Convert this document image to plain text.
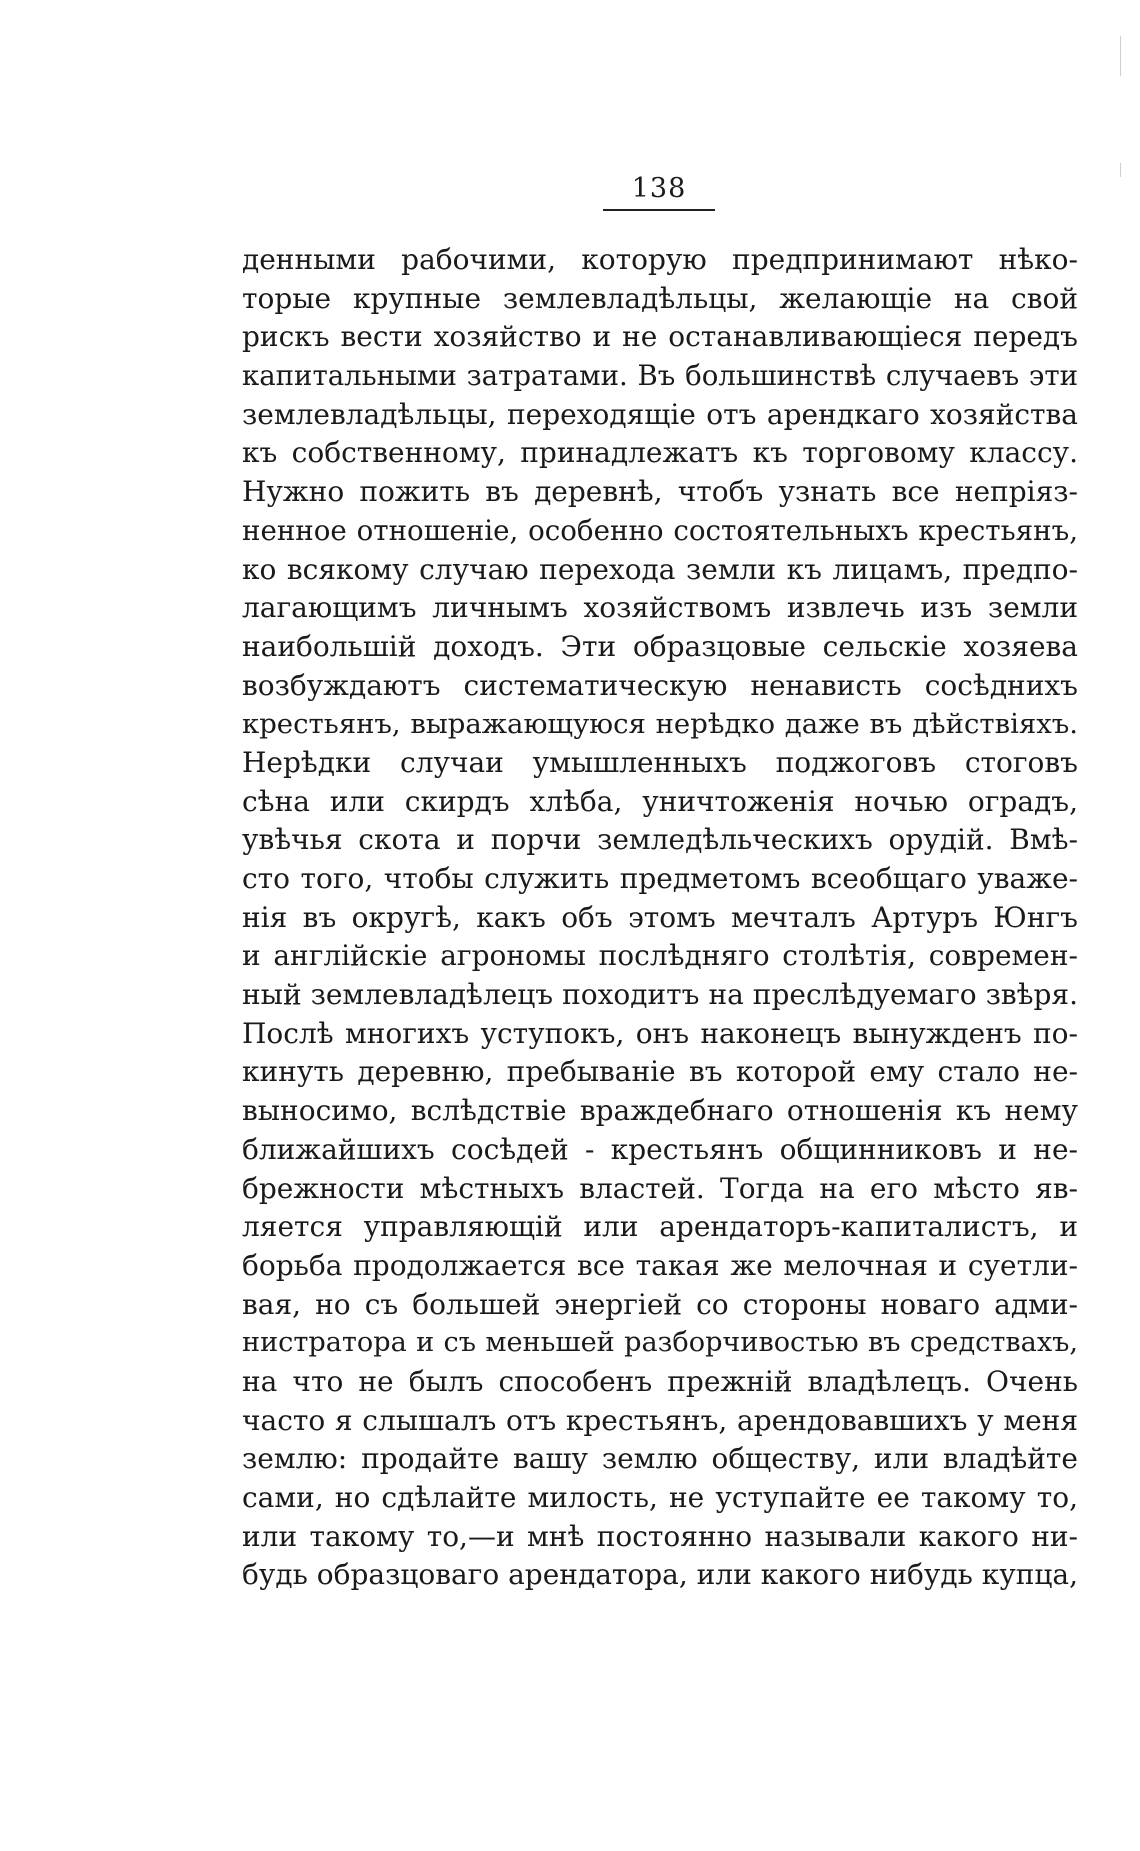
138
денными рабочими, которую предпринимают нѣко-
торые крупные землевладѣльцы, желающіе на свой
рискъ вести хозяйство и не останавливающіеся передъ
капитальными затратами. Въ большинствѣ случаевъ эти
землевладѣльцы, переходящіе отъ арендкаго хозяйства
къ собственному, принадлежатъ къ торговому классу.
Нужно пожить въ деревнѣ, чтобъ узнать все непріяз-
ненное отношеніе, особенно состоятельныхъ крестьянъ,
ко всякому случаю перехода земли къ лицамъ, предпо-
лагающимъ личнымъ хозяйствомъ извлечь изъ земли
наибольшій доходъ. Эти образцовые сельскіе хозяева
возбуждаютъ систематическую ненависть сосѣднихъ
крестьянъ, выражающуюся нерѣдко даже въ дѣйствіяхъ.
Нерѣдки случаи умышленныхъ поджоговъ стоговъ
сѣна или скирдъ хлѣба, уничтоженія ночью оградъ,
увѣчья скота и порчи земледѣльческихъ орудій. Вмѣ-
сто того, чтобы служить предметомъ всеобщаго уваже-
нія въ округѣ, какъ объ этомъ мечталъ Артуръ Юнгъ
и англійскіе агрономы послѣдняго столѣтія, современ-
ный землевладѣлецъ походитъ на преслѣдуемаго звѣря.
Послѣ многихъ уступокъ, онъ наконецъ вынужденъ по-
кинуть деревню, пребываніе въ которой ему стало не-
выносимо, вслѣдствіе враждебнаго отношенія къ нему
ближайшихъ сосѣдей - крестьянъ общинниковъ и не-
брежности мѣстныхъ властей. Тогда на его мѣсто яв-
ляется управляющій или арендаторъ-капиталистъ, и
борьба продолжается все такая же мелочная и суетли-
вая, но съ большей энергіей со стороны новаго адми-
нистратора и съ меньшей разборчивостью въ средствахъ,
на что не былъ способенъ прежній владѣлецъ. Очень
часто я слышалъ отъ крестьянъ, арендовавшихъ у меня
землю: продайте вашу землю обществу, или владѣйте
сами, но сдѣлайте милость, не уступайте ее такому то,
или такому то,—и мнѣ постоянно называли какого ни-
будь образцоваго арендатора, или какого нибудь купца,
